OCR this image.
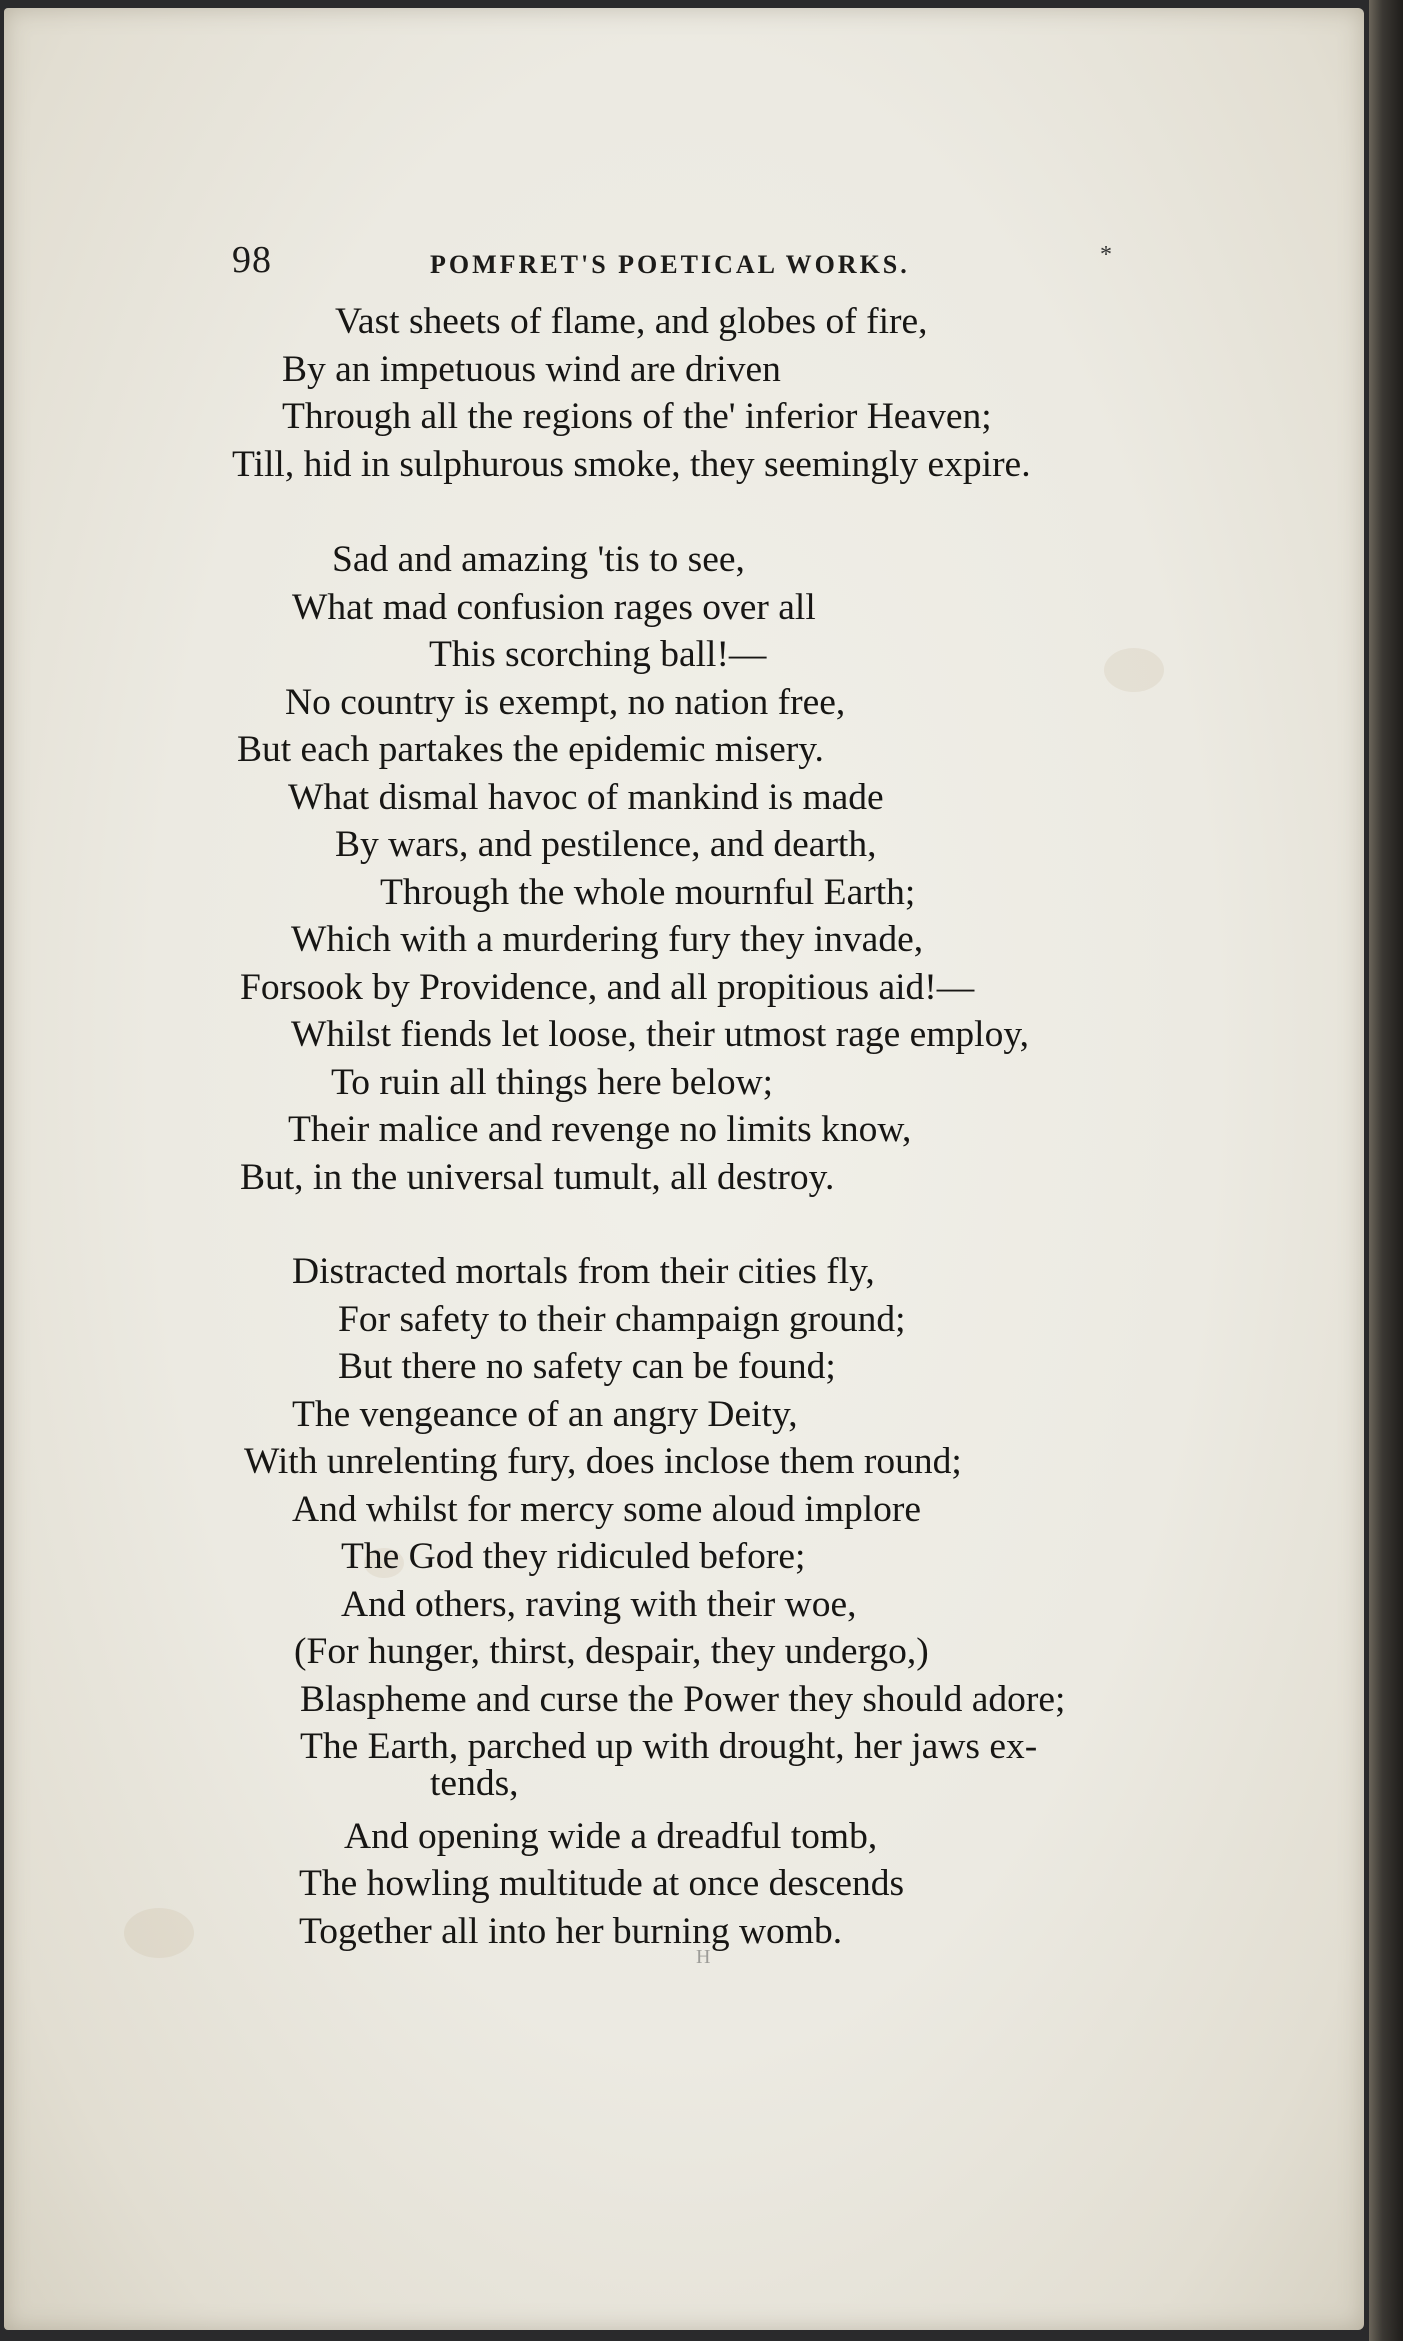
98	POMFRET'S POETICAL WORKS.	*
Vast sheets of flame, and globes of fire,
By an impetuous wind are driven
Through all the regions of the' inferior Heaven;
Till, hid in sulphurous smoke, they seemingly expire.
Sad and amazing 'tis to see,
What mad confusion rages over all
This scorching ball!—
No country is exempt, no nation free,
But each partakes the epidemic misery.
What dismal havoc of mankind is made
By wars, and pestilence, and dearth,
Through the whole mournful Earth;
Which with a murdering fury they invade,
Forsook by Providence, and all propitious aid!—
Whilst fiends let loose, their utmost rage employ,
To ruin all things here below;
Their malice and revenge no limits know,
But, in the universal tumult, all destroy.
Distracted mortals from their cities fly,
For safety to their champaign ground;
But there no safety can be found;
The vengeance of an angry Deity,
With unrelenting fury, does inclose them round;
And whilst for mercy some aloud implore
The God they ridiculed before;
And others, raving with their woe,
(For hunger, thirst, despair, they undergo,)
Blaspheme and curse the Power they should adore;
The Earth, parched up with drought, her jaws ex-
tends,
And opening wide a dreadful tomb,
The howling multitude at once descends
Together all into her burning womb.
H
